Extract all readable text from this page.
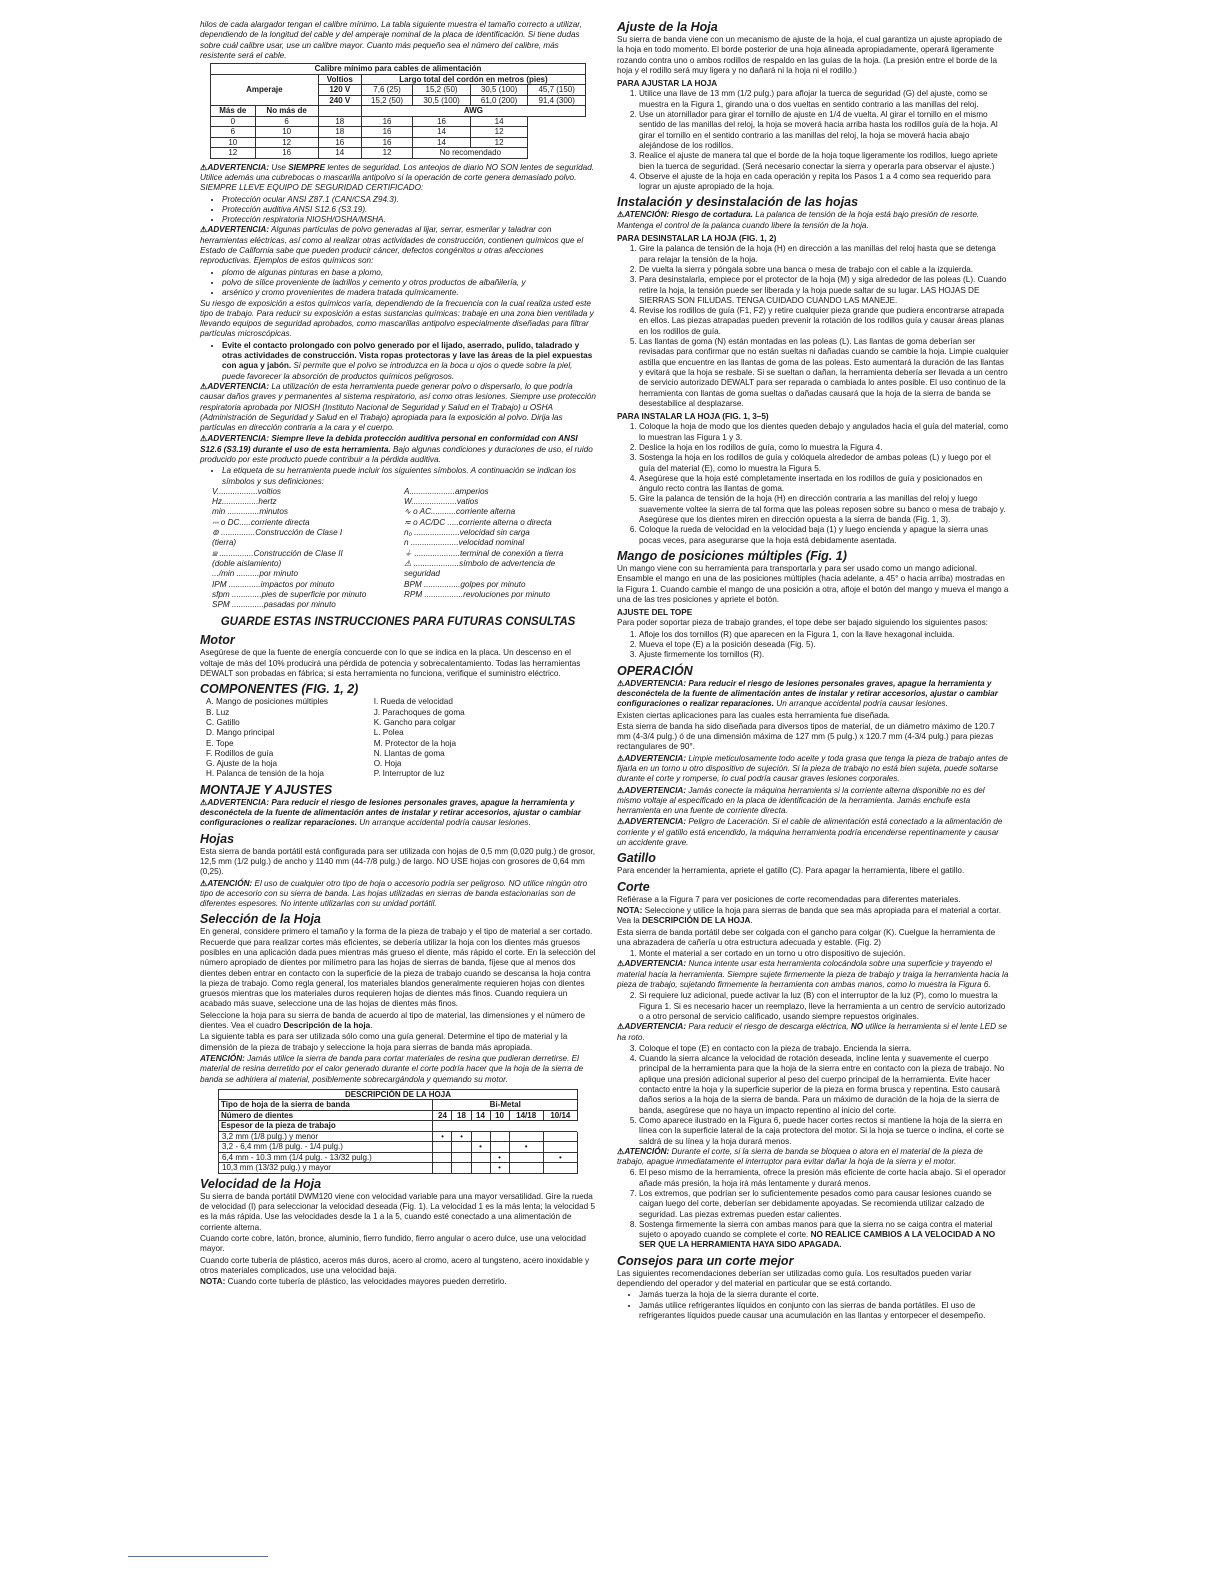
hilos de cada alargador tengan el calibre mínimo. La tabla siguiente muestra el tamaño correcto a utilizar, dependiendo de la longitud del cable y del amperaje nominal de la placa de identificación. Si tiene dudas sobre cuál calibre usar, use un calibre mayor. Cuanto más pequeño sea el número del calibre, más resistente será el cable.

Calibre mínimo para cables de alimentación						
Amperaje		Voltios	Largo total del cordón en metros (pies)			
		120 V	7,6 (25)	15,2 (50)	30,5 (100)	45,7 (150)
		240 V	15,2 (50)	30,5 (100)	61,0 (200)	91,4 (300)
Más de	No más de		AWG			
0	6	18	16	16	14	
6	10	18	16	14	12	
10	12	16	16	14	12	
12	16	14	12	No recomendado		

⚠ADVERTENCIA: Use SIEMPRE lentes de seguridad. Los anteojos de diario NO SON lentes de seguridad. Utilice además una cubrebocas o mascarilla antipolvo si la operación de corte genera demasiado polvo. SIEMPRE LLEVE EQUIPO DE SEGURIDAD CERTIFICADO:

• Protección ocular ANSI Z87.1 (CAN/CSA Z94.3).
• Protección auditiva ANSI S12.6 (S3.19).
• Protección respiratoria NIOSH/OSHA/MSHA.

⚠ADVERTENCIA: Algunas partículas de polvo generadas al lijar, serrar, esmerilar y taladrar con herramientas eléctricas, así como al realizar otras actividades de construcción, contienen químicos que el Estado de California sabe que pueden producir cáncer, defectos congénitos u otras afecciones reproductivas. Ejemplos de estos químicos son:

• plomo de algunas pinturas en base a plomo,
• polvo de sílice proveniente de ladrillos y cemento y otros productos de albañilería, y
• arsénico y cromo provenientes de madera tratada químicamente.

Su riesgo de exposición a estos químicos varía, dependiendo de la frecuencia con la cual realiza usted este tipo de trabajo. Para reducir su exposición a estas sustancias químicas: trabaje en una zona bien ventilada y llevando equipos de seguridad aprobados, como mascarillas antipolvo especialmente diseñadas para filtrar partículas microscópicas.

• Evite el contacto prolongado con polvo generado por el lijado, aserrado, pulido, taladrado y otras actividades de construcción. Vista ropas protectoras y lave las áreas de la piel expuestas con agua y jabón. Si permite que el polvo se introduzca en la boca u ojos o quede sobre la piel, puede favorecer la absorción de productos químicos peligrosos.

⚠ADVERTENCIA: La utilización de esta herramienta puede generar polvo o dispersarlo, lo que podría causar daños graves y permanentes al sistema respiratorio, así como otras lesiones. Siempre use protección respiratoria aprobada por NIOSH (Instituto Nacional de Seguridad y Salud en el Trabajo) u OSHA (Administración de Seguridad y Salud en el Trabajo) apropiada para la exposición al polvo. Dirija las partículas en dirección contraria a la cara y el cuerpo.

⚠ADVERTENCIA: Siempre lleve la debida protección auditiva personal en conformidad con ANSI S12.6 (S3.19) durante el uso de esta herramienta. Bajo algunas condiciones y duraciones de uso, el ruido producido por este producto puede contribuir a la pérdida auditiva.

• La etiqueta de su herramienta puede incluir los siguientes símbolos. A continuación se indican los símbolos y sus definiciones:
V..................voltios	A....................amperios
Hz................hertz	W....................vatios
min ..............minutos	∿ o AC...........corriente alterna
⎓ o DC.....corriente directa	≂ o AC/DC .....corriente alterna o directa
⊚ ...............Construcción de Clase I	n₀ ....................velocidad sin carga
(tierra)	n .....................velocidad nominal
⧈ ...............Construcción de Clase II	⏚ ....................terminal de conexión a tierra
(doble aislamiento)	⚠ ....................símbolo de advertencia de
.../min ..........por minuto	seguridad
IPM ..............impactos por minuto	BPM ................golpes por minuto
sfpm .............pies de superficie por minuto	RPM .................revoluciones por minuto
SPM ..............pasadas por minuto
GUARDE ESTAS INSTRUCCIONES PARA FUTURAS CONSULTAS
Motor

Asegúrese de que la fuente de energía concuerde con lo que se indica en la placa. Un descenso en el voltaje de más del 10% producirá una pérdida de potencia y sobrecalentamiento. Todas las herramientas DEWALT son probadas en fábrica; si esta herramienta no funciona, verifique el suministro eléctrico.

COMPONENTES (FIG. 1, 2)
A. Mango de posiciones múltiples	I. Rueda de velocidad
B. Luz	J. Parachoques de goma
C. Gatillo	K. Gancho para colgar
D. Mango principal	L. Polea
E. Tope	M. Protector de la hoja
F. Rodillos de guía	N. Llantas de goma
G. Ajuste de la hoja	O. Hoja
H. Palanca de tensión de la hoja	P. Interruptor de luz
MONTAJE Y AJUSTES

⚠ADVERTENCIA: Para reducir el riesgo de lesiones personales graves, apague la herramienta y desconéctela de la fuente de alimentación antes de instalar y retirar accesorios, ajustar o cambiar configuraciones o realizar reparaciones. Un arranque accidental podría causar lesiones.

Hojas

Esta sierra de banda portátil está configurada para ser utilizada con hojas de 0,5 mm (0,020 pulg.) de grosor, 12,5 mm (1/2 pulg.) de ancho y 1140 mm (44-7/8 pulg.) de largo. NO USE hojas con grosores de 0,64 mm (0,25).

⚠ATENCIÓN: El uso de cualquier otro tipo de hoja o accesorio podría ser peligroso. NO utilice ningún otro tipo de accesorio con su sierra de banda. Las hojas utilizadas en sierras de banda estacionarias son de diferentes espesores. No intente utilizarlas con su unidad portátil.

Selección de la Hoja

En general, considere primero el tamaño y la forma de la pieza de trabajo y el tipo de material a ser cortado. Recuerde que para realizar cortes más eficientes, se debería utilizar la hoja con los dientes más gruesos posibles en una aplicación dada pues mientras más grueso el diente, más rápido el corte. En la selección del número apropiado de dientes por milímetro para las hojas de sierras de banda, fíjese que al menos dos dientes deben entrar en contacto con la superficie de la pieza de trabajo cuando se descansa la hoja contra la pieza de trabajo. Como regla general, los materiales blandos generalmente requieren hojas con dientes gruesos mientras que los materiales duros requieren hojas de dientes más finos. Cuando requiera un acabado más suave, seleccione una de las hojas de dientes más finos.

Seleccione la hoja para su sierra de banda de acuerdo al tipo de material, las dimensiones y el número de dientes. Vea el cuadro Descripción de la hoja.

La siguiente tabla es para ser utilizada sólo como una guía general. Determine el tipo de material y la dimensión de la pieza de trabajo y seleccione la hoja para sierras de banda más apropiada.

ATENCIÓN: Jamás utilice la sierra de banda para cortar materiales de resina que pudieran derretirse. El material de resina derretido por el calor generado durante el corte podría hacer que la hoja de la sierra de banda se adhiriera al material, posiblemente sobrecargándola y quemando su motor.

DESCRIPCIÓN DE LA HOJA						
Tipo de hoja de la sierra de banda	Bi-Metal					
Número de dientes	24	18	14	10	14/18	10/14
Espesor de la pieza de trabajo						
3,2 mm (1/8 pulg.) y menor	•	•				
3,2 - 6,4 mm (1/8 pulg. - 1/4 pulg.)			•		•	
6,4 mm - 10.3 mm (1/4 pulg. - 13/32 pulg.)				•		•
10,3 mm (13/32 pulg.) y mayor				•		
Velocidad de la Hoja

Su sierra de banda portátil DWM120 viene con velocidad variable para una mayor versatilidad. Gire la rueda de velocidad (I) para seleccionar la velocidad deseada (Fig. 1). La velocidad 1 es la más lenta; la velocidad 5 es la más rápida. Use las velocidades desde la 1 a la 5, cuando esté conectado a una alimentación de corriente alterna.

Cuando corte cobre, latón, bronce, aluminio, fierro fundido, fierro angular o acero dulce, use una velocidad mayor.

Cuando corte tubería de plástico, aceros más duros, acero al cromo, acero al tungsteno, acero inoxidable y otros materiales complicados, use una velocidad baja.

NOTA: Cuando corte tubería de plástico, las velocidades mayores pueden derretirlo.

Ajuste de la Hoja

Su sierra de banda viene con un mecanismo de ajuste de la hoja, el cual garantiza un ajuste apropiado de la hoja en todo momento. El borde posterior de una hoja alineada apropiadamente, operará ligeramente rozando contra uno o ambos rodillos de respaldo en las guías de la hoja. (La presión entre el borde de la hoja y el rodillo será muy ligera y no dañará ni la hoja ni el rodillo.)

PARA AJUSTAR LA HOJA
1. Utilice una llave de 13 mm (1/2 pulg.) para aflojar la tuerca de seguridad (G) del ajuste, como se muestra en la Figura 1, girando una o dos vueltas en sentido contrario a las manillas del reloj.
2. Use un atornillador para girar el tornillo de ajuste en 1/4 de vuelta. Al girar el tornillo en el mismo sentido de las manillas del reloj, la hoja se moverá hacia arriba hasta los rodillos guía de la hoja. Al girar el tornillo en el sentido contrario a las manillas del reloj, la hoja se moverá hacia abajo alejándose de los rodillos.
3. Realice el ajuste de manera tal que el borde de la hoja toque ligeramente los rodillos, luego apriete bien la tuerca de seguridad. (Será necesario conectar la sierra y operarla para observar el ajuste.)
4. Observe el ajuste de la hoja en cada operación y repita los Pasos 1 a 4 como sea requerido para lograr un ajuste apropiado de la hoja.
Instalación y desinstalación de las hojas

⚠ATENCIÓN: Riesgo de cortadura. La palanca de tensión de la hoja está bajo presión de resorte. Mantenga el control de la palanca cuando libere la tensión de la hoja.

PARA DESINSTALAR LA HOJA (FIG. 1, 2)
1. Gire la palanca de tensión de la hoja (H) en dirección a las manillas del reloj hasta que se detenga para relajar la tensión de la hoja.
2. De vuelta la sierra y póngala sobre una banca o mesa de trabajo con el cable a la izquierda.
3. Para desinstalarla, empiece por el protector de la hoja (M) y siga alrededor de las poleas (L). Cuando retire la hoja, la tensión puede ser liberada y la hoja puede saltar de su lugar. LAS HOJAS DE SIERRAS SON FILUDAS. TENGA CUIDADO CUANDO LAS MANEJE.
4. Revise los rodillos de guía (F1, F2) y retire cualquier pieza grande que pudiera encontrarse atrapada en ellos. Las piezas atrapadas pueden prevenir la rotación de los rodillos guía y causar áreas planas en los rodillos de guía.
5. Las llantas de goma (N) están montadas en las poleas (L). Las llantas de goma deberían ser revisadas para confirmar que no están sueltas ni dañadas cuando se cambie la hoja. Limpie cualquier astilla que encuentre en las llantas de goma de las poleas. Esto aumentará la duración de las llantas y evitará que la hoja se resbale. Si se sueltan o dañan, la herramienta debería ser llevada a un centro de servicio autorizado DEWALT para ser reparada o cambiada lo antes posible. El uso continuo de la herramienta con llantas de goma sueltas o dañadas causará que la hoja de la sierra de banda se desestabilice al desplazarse.
PARA INSTALAR LA HOJA (FIG. 1, 3–5)
1. Coloque la hoja de modo que los dientes queden debajo y angulados hacia el guía del material, como lo muestran las Figura 1 y 3.
2. Deslice la hoja en los rodillos de guía, como lo muestra la Figura 4.
3. Sostenga la hoja en los rodillos de guía y colóquela alrededor de ambas poleas (L) y luego por el guía del material (E), como lo muestra la Figura 5.
4. Asegúrese que la hoja esté completamente insertada en los rodillos de guía y posicionados en ángulo recto contra las llantas de goma.
5. Gire la palanca de tensión de la hoja (H) en dirección contraria a las manillas del reloj y luego suavemente voltee la sierra de tal forma que las poleas reposen sobre su banco o mesa de trabajo y. Asegúrese que los dientes miren en dirección opuesta a la sierra de banda (Fig. 1, 3).
6. Coloque la rueda de velocidad en la velocidad baja (1) y luego encienda y apague la sierra unas pocas veces, para asegurarse que la hoja está debidamente asentada.
Mango de posiciones múltiples (Fig. 1)

Un mango viene con su herramienta para transportarla y para ser usado como un mango adicional. Ensamble el mango en una de las posiciones múltiples (hacia adelante, a 45° o hacia arriba) mostradas en la Figura 1. Cuando cambie el mango de una posición a otra, afloje el botón del mango y mueva el mango a una de las tres posiciones y apriete el botón.

AJUSTE DEL TOPE

Para poder soportar pieza de trabajo grandes, el tope debe ser bajado siguiendo los siguientes pasos:

1. Afloje los dos tornillos (R) que aparecen en la Figura 1, con la llave hexagonal incluida.
2. Mueva el tope (E) a la posición deseada (Fig. 5).
3. Ajuste firmemente los tornillos (R).
OPERACIÓN

⚠ADVERTENCIA: Para reducir el riesgo de lesiones personales graves, apague la herramienta y desconéctela de la fuente de alimentación antes de instalar y retirar accesorios, ajustar o cambiar configuraciones o realizar reparaciones. Un arranque accidental podría causar lesiones.

Existen ciertas aplicaciones para las cuales esta herramienta fue diseñada.

Esta sierra de banda ha sido diseñada para diversos tipos de material, de un diámetro máximo de 120.7 mm (4-3/4 pulg.) ó de una dimensión máxima de 127 mm (5 pulg.) x 120.7 mm (4-3/4 pulg.) para piezas rectangulares de 90°.

⚠ADVERTENCIA: Limpie meticulosamente todo aceite y toda grasa que tenga la pieza de trabajo antes de fijarla en un torno u otro dispositivo de sujeción. Si la pieza de trabajo no está bien sujeta, puede soltarse durante el corte y romperse, lo cual podría causar graves lesiones corporales.

⚠ADVERTENCIA: Jamás conecte la máquina herramienta si la corriente alterna disponible no es del mismo voltaje al especificado en la placa de identificación de la herramienta. Jamás enchufe esta herramienta en una fuente de corriente directa.

⚠ADVERTENCIA: Peligro de Laceración. Si el cable de alimentación está conectado a la alimentación de corriente y el gatillo está encendido, la máquina herramienta podría encenderse repentinamente y causar un accidente grave.

Gatillo

Para encender la herramienta, apriete el gatillo (C). Para apagar la herramienta, libere el gatillo.

Corte

Refiérase a la Figura 7 para ver posiciones de corte recomendadas para diferentes materiales.

NOTA: Seleccione y utilice la hoja para sierras de banda que sea más apropiada para el material a cortar. Vea la DESCRIPCIÓN DE LA HOJA.

Esta sierra de banda portátil debe ser colgada con el gancho para colgar (K). Cuelgue la herramienta de una abrazadera de cañería u otra estructura adecuada y estable. (Fig. 2)

1. Monte el material a ser cortado en un torno u otro dispositivo de sujeción.

⚠ADVERTENCIA: Nunca intente usar esta herramienta colocándola sobre una superficie y trayendo el material hacia la herramienta. Siempre sujete firmemente la pieza de trabajo y traiga la herramienta hacia la pieza de trabajo, sujetando firmemente la herramienta con ambas manos, como lo muestra la Figura 6.

2. Si requiere luz adicional, puede activar la luz (B) con el interruptor de la luz (P), como lo muestra la Figura 1. Si es necesario hacer un reemplazo, lleve la herramienta a un centro de servicio autorizado o a otro personal de servicio calificado, usando siempre repuestos originales.

⚠ADVERTENCIA: Para reducir el riesgo de descarga eléctrica, NO utilice la herramienta si el lente LED se ha roto.

3. Coloque el tope (E) en contacto con la pieza de trabajo. Encienda la sierra.
4. Cuando la sierra alcance la velocidad de rotación deseada, incline lenta y suavemente el cuerpo principal de la herramienta para que la hoja de la sierra entre en contacto con la pieza de trabajo. No aplique una presión adicional superior al peso del cuerpo principal de la herramienta. Evite hacer contacto entre la hoja y la superficie superior de la pieza en forma brusca y repentina. Esto causará daños serios a la hoja de la sierra de banda. Para un máximo de duración de la hoja de la sierra de banda, asegúrese que no haya un impacto repentino al inicio del corte.
5. Como aparece ilustrado en la Figura 6, puede hacer cortes rectos si mantiene la hoja de la sierra en línea con la superficie lateral de la caja protectora del motor. Si la hoja se tuerce o inclina, el corte se saldrá de su línea y la hoja durará menos.

⚠ATENCIÓN: Durante el corte, si la sierra de banda se bloquea o atora en el material de la pieza de trabajo, apague inmediatamente el interruptor para evitar dañar la hoja de la sierra y el motor.

6. El peso mismo de la herramienta, ofrece la presión más eficiente de corte hacia abajo. Si el operador añade más presión, la hoja irá más lentamente y durará menos.
7. Los extremos, que podrían ser lo suficientemente pesados como para causar lesiones cuando se caigan luego del corte, deberían ser debidamente apoyadas. Se recomienda utilizar calzado de seguridad. Las piezas extremas pueden estar calientes.
8. Sostenga firmemente la sierra con ambas manos para que la sierra no se caiga contra el material sujeto o apoyado cuando se complete el corte. NO REALICE CAMBIOS A LA VELOCIDAD A NO SER QUE LA HERRAMIENTA HAYA SIDO APAGADA.
Consejos para un corte mejor

Las siguientes recomendaciones deberían ser utilizadas como guía. Los resultados pueden variar dependiendo del operador y del material en particular que se está cortando.

• Jamás tuerza la hoja de la sierra durante el corte.
• Jamás utilice refrigerantes líquidos en conjunto con las sierras de banda portátiles. El uso de refrigerantes líquidos puede causar una acumulación en las llantas y entorpecer el desempeño.
